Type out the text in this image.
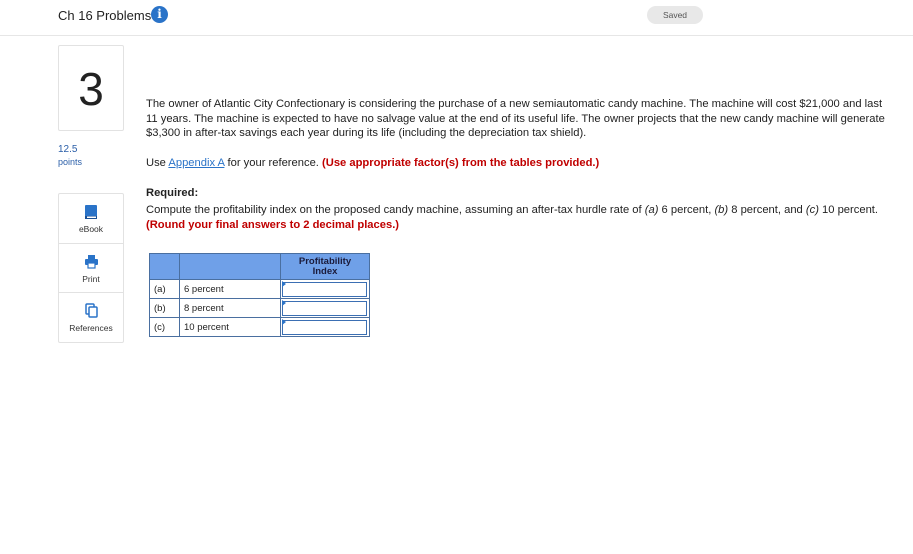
Ch 16 Problems i	Saved
3
12.5
points
eBook
Print
References
The owner of Atlantic City Confectionary is considering the purchase of a new semiautomatic candy machine. The machine will cost $21,000 and last 11 years. The machine is expected to have no salvage value at the end of its useful life. The owner projects that the new candy machine will generate $3,300 in after-tax savings each year during its life (including the depreciation tax shield).
Use Appendix A for your reference. (Use appropriate factor(s) from the tables provided.)
Required:
Compute the profitability index on the proposed candy machine, assuming an after-tax hurdle rate of (a) 6 percent, (b) 8 percent, and (c) 10 percent. (Round your final answers to 2 decimal places.)
		Profitability
Index
(a)	6 percent	

(b)	8 percent	

(c)	10 percent	
